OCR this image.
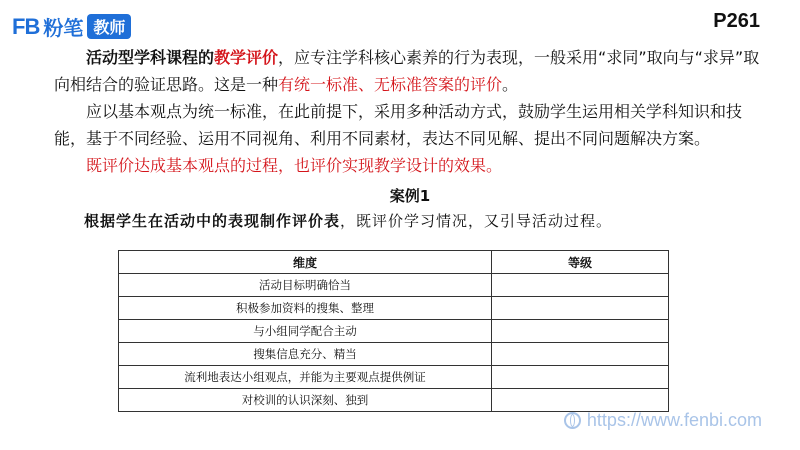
FB 粉笔 教师	P261

活动型学科课程的教学评价，应专注学科核心素养的行为表现，一般采用“求同”取向与“求异”取向相结合的验证思路。这是一种有统一标准、无标准答案的评价。

应以基本观点为统一标准，在此前提下，采用多种活动方式，鼓励学生运用相关学科知识和技能，基于不同经验、运用不同视角、利用不同素材，表达不同见解、提出不同问题解决方案。

既评价达成基本观点的过程，也评价实现教学设计的效果。

案例1
根据学生在活动中的表现制作评价表，既评价学习情况，又引导活动过程。
维度	等级
活动目标明确恰当	
积极参加资料的搜集、整理	
与小组同学配合主动	
搜集信息充分、精当	
流利地表达小组观点，并能为主要观点提供例证	
对校训的认识深刻、独到	
https://www.fenbi.com
